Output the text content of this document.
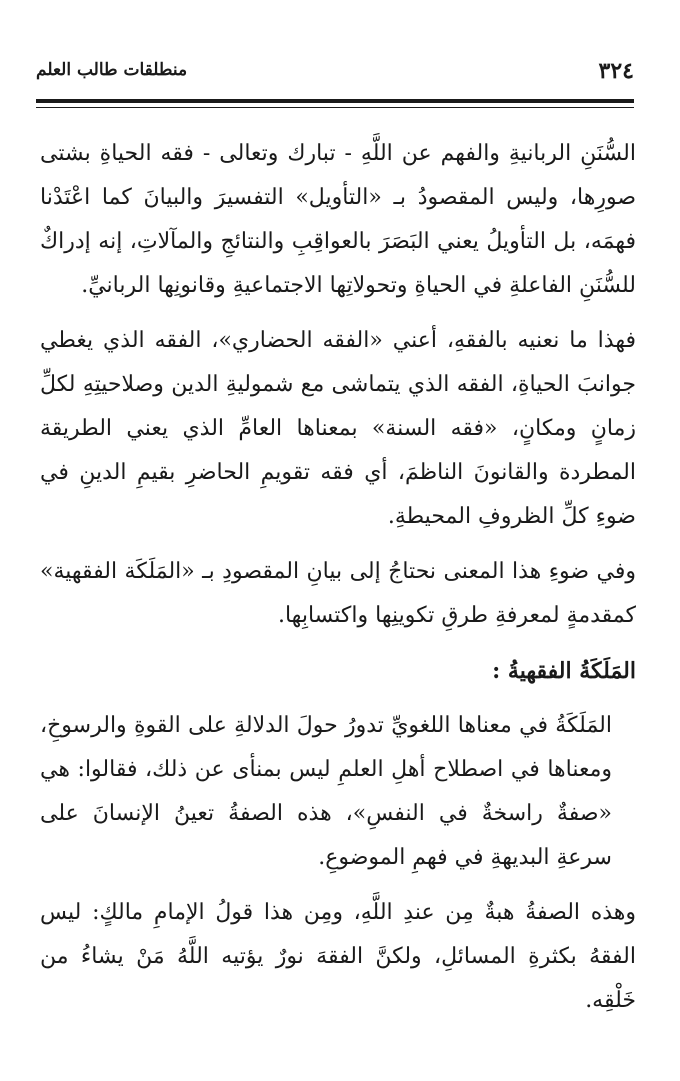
منطلقات طالب العلم	٣٢٤
السُّنَنِ الربانيةِ والفهم عن اللَّهِ - تبارك وتعالى - فقه الحياةِ بشتى صورِها، وليس المقصودُ بـ «التأويل» التفسيرَ والبيانَ كما اعْتَدْنا فهمَه، بل التأويلُ يعني البَصَرَ بالعواقِبِ والنتائجِ والمآلاتِ، إنه إدراكٌ للسُّنَنِ الفاعلةِ في الحياةِ وتحولاتِها الاجتماعيةِ وقانونِها الربانيِّ.
فهذا ما نعنيه بالفقهِ، أعني «الفقه الحضاري»، الفقه الذي يغطي جوانبَ الحياةِ، الفقه الذي يتماشى مع شموليةِ الدين وصلاحيتِهِ لكلِّ زمانٍ ومكانٍ، «فقه السنة» بمعناها العامِّ الذي يعني الطريقة المطردة والقانونَ الناظمَ، أي فقه تقويمِ الحاضرِ بقيمِ الدينِ في ضوءِ كلِّ الظروفِ المحيطةِ.
وفي ضوءِ هذا المعنى نحتاجُ إلى بيانِ المقصودِ بـ «المَلَكَة الفقهية» كمقدمةٍ لمعرفةِ طرقِ تكوينِها واكتسابِها.
المَلَكَةُ الفقهيةُ :
المَلَكَةُ في معناها اللغويِّ تدورُ حولَ الدلالةِ على القوةِ والرسوخِ، ومعناها في اصطلاح أهلِ العلمِ ليس بمنأى عن ذلك، فقالوا: هي «صفةٌ راسخةٌ في النفسِ»، هذه الصفةُ تعينُ الإنسانَ على سرعةِ البديهةِ في فهمِ الموضوعِ.
وهذه الصفةُ هبةٌ مِن عندِ اللَّهِ، ومِن هذا قولُ الإمامِ مالكٍ: ليس الفقهُ بكثرةِ المسائلِ، ولكنَّ الفقهَ نورٌ يؤتيه اللَّهُ مَنْ يشاءُ من خَلْقِه.
